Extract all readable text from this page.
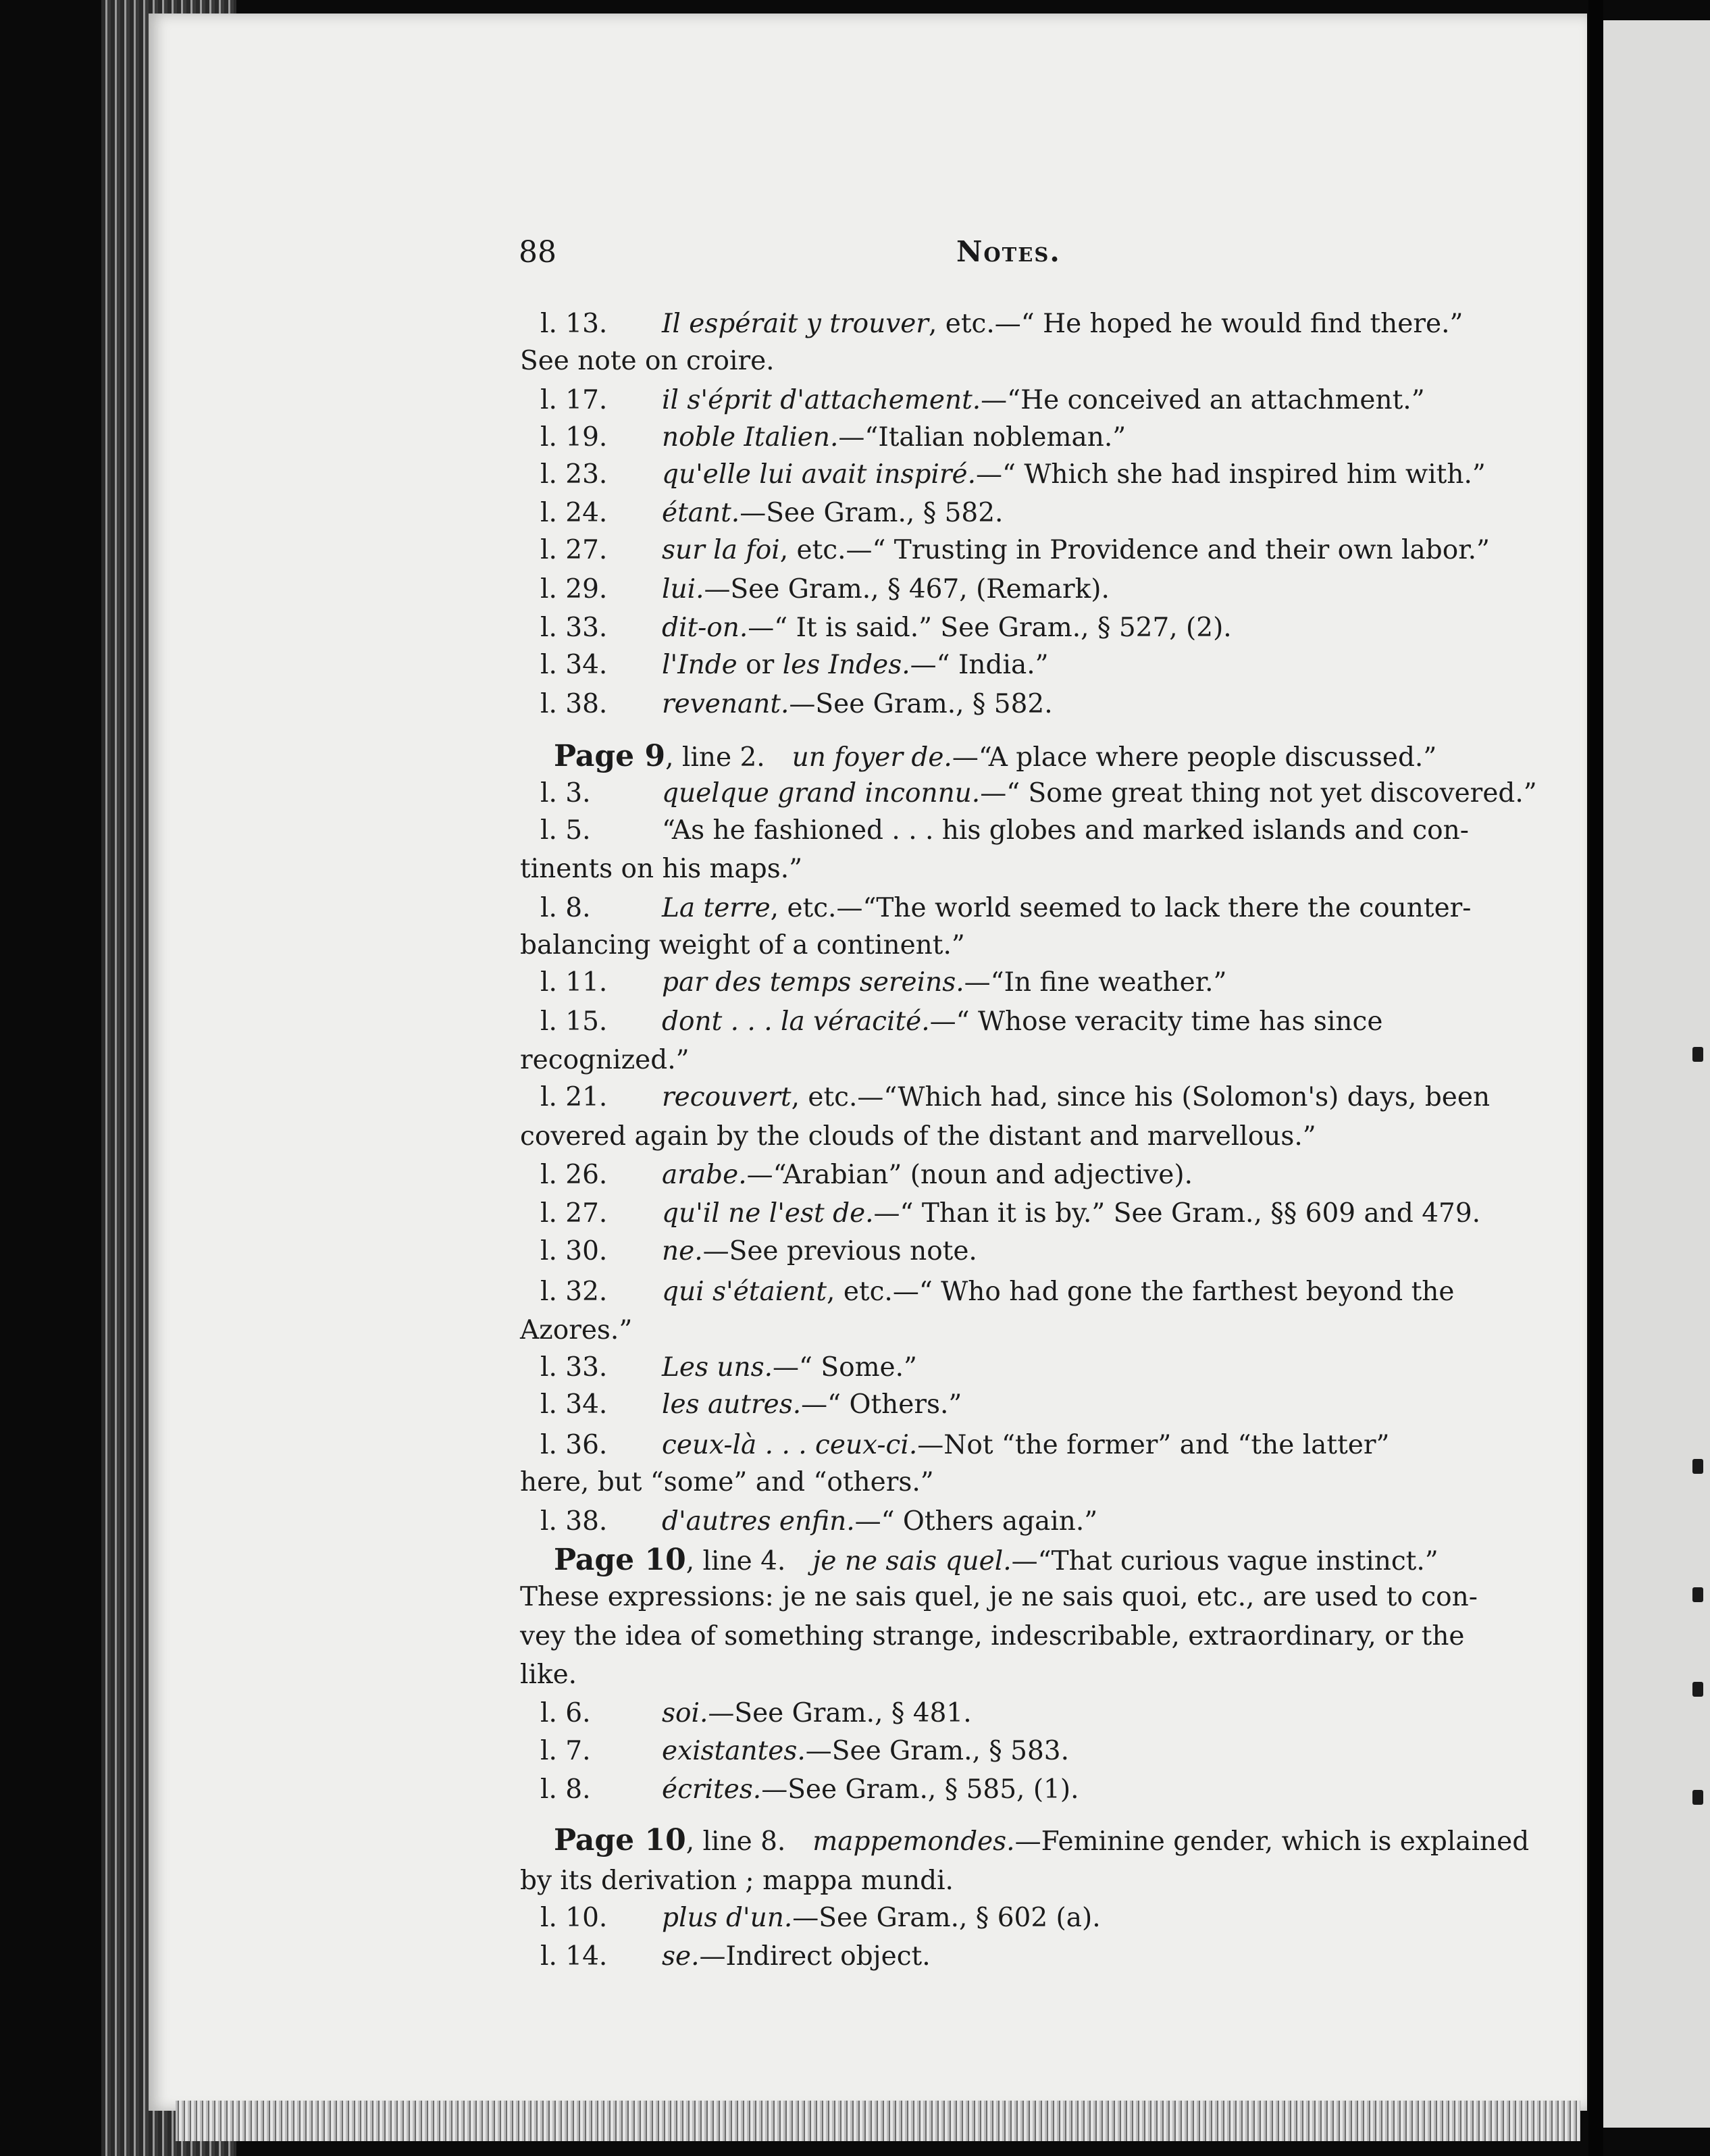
88	Notes.
l. 13. Il espérait y trouver, etc.—“ He hoped he would find there.”
See note on croire.
l. 17. il s'éprit d'attachement.—“He conceived an attachment.”
l. 19. noble Italien.—“Italian nobleman.”
l. 23. qu'elle lui avait inspiré.—“ Which she had inspired him with.”
l. 24. étant.—See Gram., § 582.
l. 27. sur la foi, etc.—“ Trusting in Providence and their own labor.”
l. 29. lui.—See Gram., § 467, (Remark).
l. 33. dit-on.—“ It is said.” See Gram., § 527, (2).
l. 34. l'Inde or les Indes.—“ India.”
l. 38. revenant.—See Gram., § 582.
Page 9, line 2. un foyer de.—“A place where people discussed.”
l. 3.	quelque grand inconnu.—“ Some great thing not yet discovered.”
l. 5.	“As he fashioned . . . his globes and marked islands and con-
tinents on his maps.”
l. 8.	La terre, etc.—“The world seemed to lack there the counter-
balancing weight of a continent.”
l. 11. par des temps sereins.—“In fine weather.”
l. 15. dont . . . la véracité.—“ Whose veracity time has since
recognized.”
l. 21. recouvert, etc.—“Which had, since his (Solomon's) days, been
covered again by the clouds of the distant and marvellous.”
l. 26. arabe.—“Arabian” (noun and adjective).
l. 27. qu'il ne l'est de.—“ Than it is by.” See Gram., §§ 609 and 479.
l. 30. ne.—See previous note.
l. 32. qui s'étaient, etc.—“ Who had gone the farthest beyond the
Azores.”
l. 33. Les uns.—“ Some.”
l. 34. les autres.—“ Others.”
l. 36. ceux-là . . . ceux-ci.—Not “the former” and “the latter”
here, but “some” and “others.”
l. 38. d'autres enfin.—“ Others again.”
Page 10, line 4. je ne sais quel.—“That curious vague instinct.”
These expressions: je ne sais quel, je ne sais quoi, etc., are used to con-
vey the idea of something strange, indescribable, extraordinary, or the
like.
l. 6.	soi.—See Gram., § 481.
l. 7.	existantes.—See Gram., § 583.
l. 8.	écrites.—See Gram., § 585, (1).
Page 10, line 8. mappemondes.—Feminine gender, which is explained
by its derivation ; mappa mundi.
l. 10. plus d'un.—See Gram., § 602 (a).
l. 14. se.—Indirect object.
